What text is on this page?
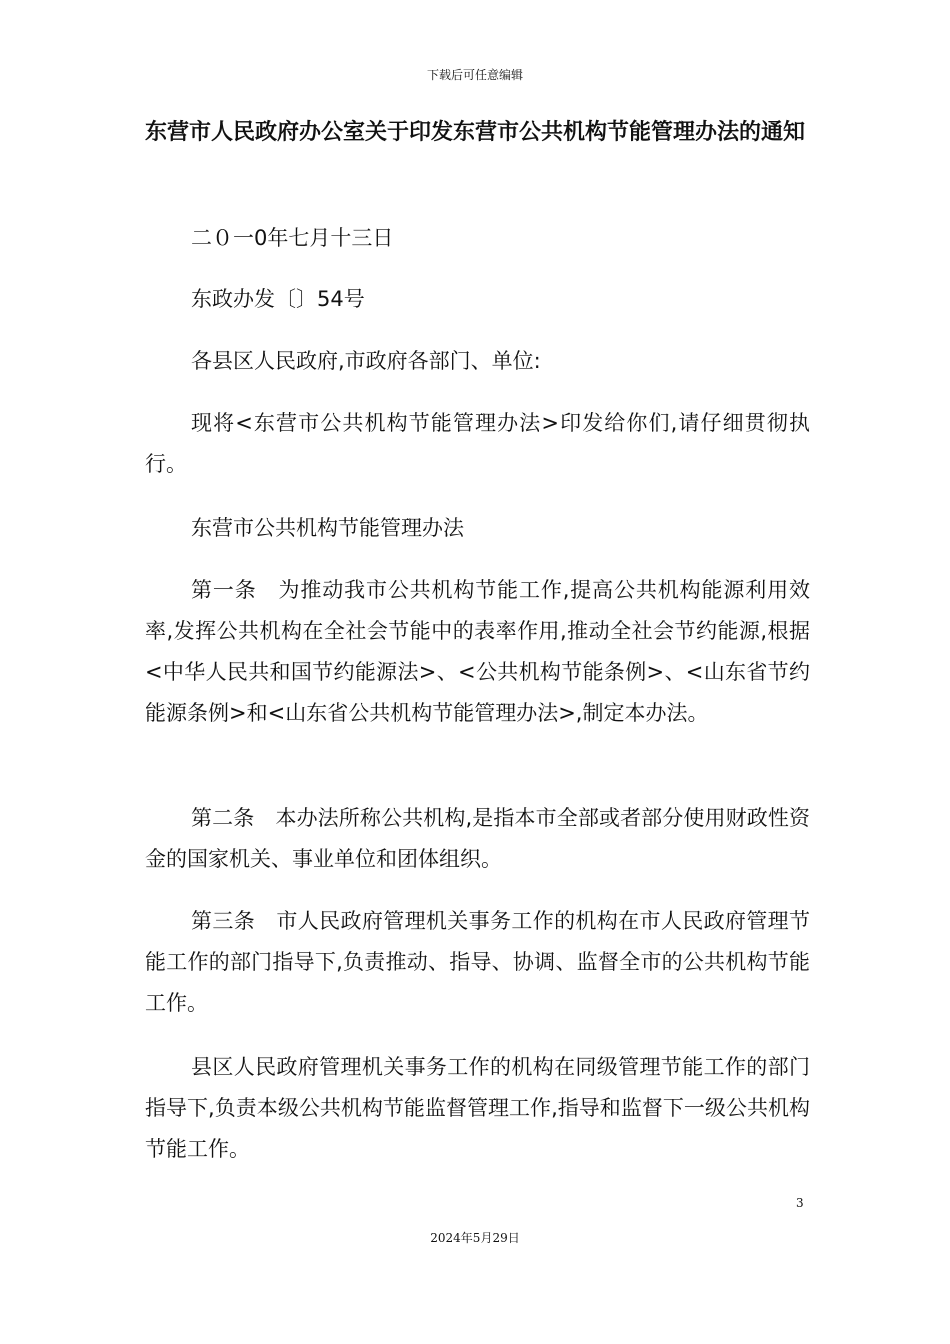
下载后可任意编辑
东营市人民政府办公室关于印发东营市公共机构节能管理办法的通知

二０一0年七月十三日

东政办发〔〕54号

各县区人民政府,市政府各部门、单位:

现将<东营市公共机构节能管理办法>印发给你们,请仔细贯彻执行。

东营市公共机构节能管理办法

第一条　为推动我市公共机构节能工作,提高公共机构能源利用效率,发挥公共机构在全社会节能中的表率作用,推动全社会节约能源,根据<中华人民共和国节约能源法>、<公共机构节能条例>、<山东省节约能源条例>和<山东省公共机构节能管理办法>,制定本办法。

第二条　本办法所称公共机构,是指本市全部或者部分使用财政性资金的国家机关、事业单位和团体组织。

第三条　市人民政府管理机关事务工作的机构在市人民政府管理节能工作的部门指导下,负责推动、指导、协调、监督全市的公共机构节能工作。

县区人民政府管理机关事务工作的机构在同级管理节能工作的部门指导下,负责本级公共机构节能监督管理工作,指导和监督下一级公共机构节能工作。

3
2024年5月29日
